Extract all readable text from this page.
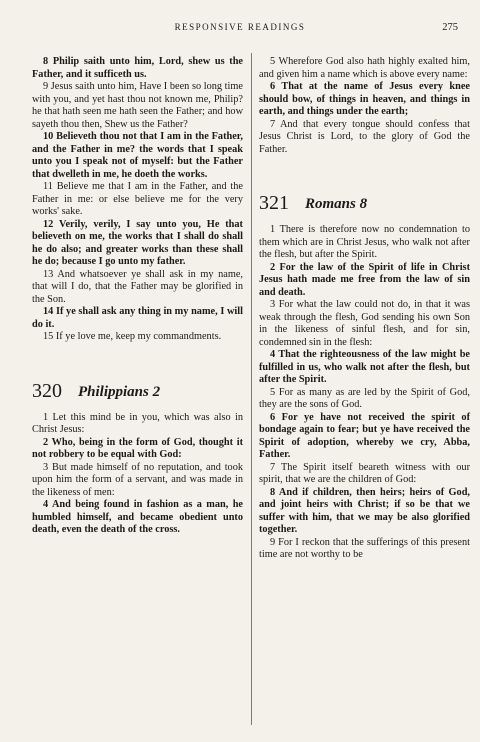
RESPONSIVE READINGS	275

8 Philip saith unto him, Lord, shew us the Father, and it sufficeth us.

9 Jesus saith unto him, Have I been so long time with you, and yet hast thou not known me, Philip? he that hath seen me hath seen the Father; and how sayeth thou then, Shew us the Father?

10 Believeth thou not that I am in the Father, and the Father in me? the words that I speak unto you I speak not of myself: but the Father that dwelleth in me, he doeth the works.

11 Believe me that I am in the Father, and the Father in me: or else believe me for the very works' sake.

12 Verily, verily, I say unto you, He that believeth on me, the works that I shall do shall he do also; and greater works than these shall he do; because I go unto my father.

13 And whatsoever ye shall ask in my name, that will I do, that the Father may be glorified in the Son.

14 If ye shall ask any thing in my name, I will do it.

15 If ye love me, keep my commandments.

320 Philippians 2

1 Let this mind be in you, which was also in Christ Jesus:

2 Who, being in the form of God, thought it not robbery to be equal with God:

3 But made himself of no reputation, and took upon him the form of a servant, and was made in the likeness of men:

4 And being found in fashion as a man, he humbled himself, and became obedient unto death, even the death of the cross.

5 Wherefore God also hath highly exalted him, and given him a name which is above every name:

6 That at the name of Jesus every knee should bow, of things in heaven, and things in earth, and things under the earth;

7 And that every tongue should confess that Jesus Christ is Lord, to the glory of God the Father.

321 Romans 8

1 There is therefore now no condemnation to them which are in Christ Jesus, who walk not after the flesh, but after the Spirit.

2 For the law of the Spirit of life in Christ Jesus hath made me free from the law of sin and death.

3 For what the law could not do, in that it was weak through the flesh, God sending his own Son in the likeness of sinful flesh, and for sin, condemned sin in the flesh:

4 That the righteousness of the law might be fulfilled in us, who walk not after the flesh, but after the Spirit.

5 For as many as are led by the Spirit of God, they are the sons of God.

6 For ye have not received the spirit of bondage again to fear; but ye have received the Spirit of adoption, whereby we cry, Abba, Father.

7 The Spirit itself beareth witness with our spirit, that we are the children of God:

8 And if children, then heirs; heirs of God, and joint heirs with Christ; if so be that we suffer with him, that we may be also glorified together.

9 For I reckon that the sufferings of this present time are not worthy to be
